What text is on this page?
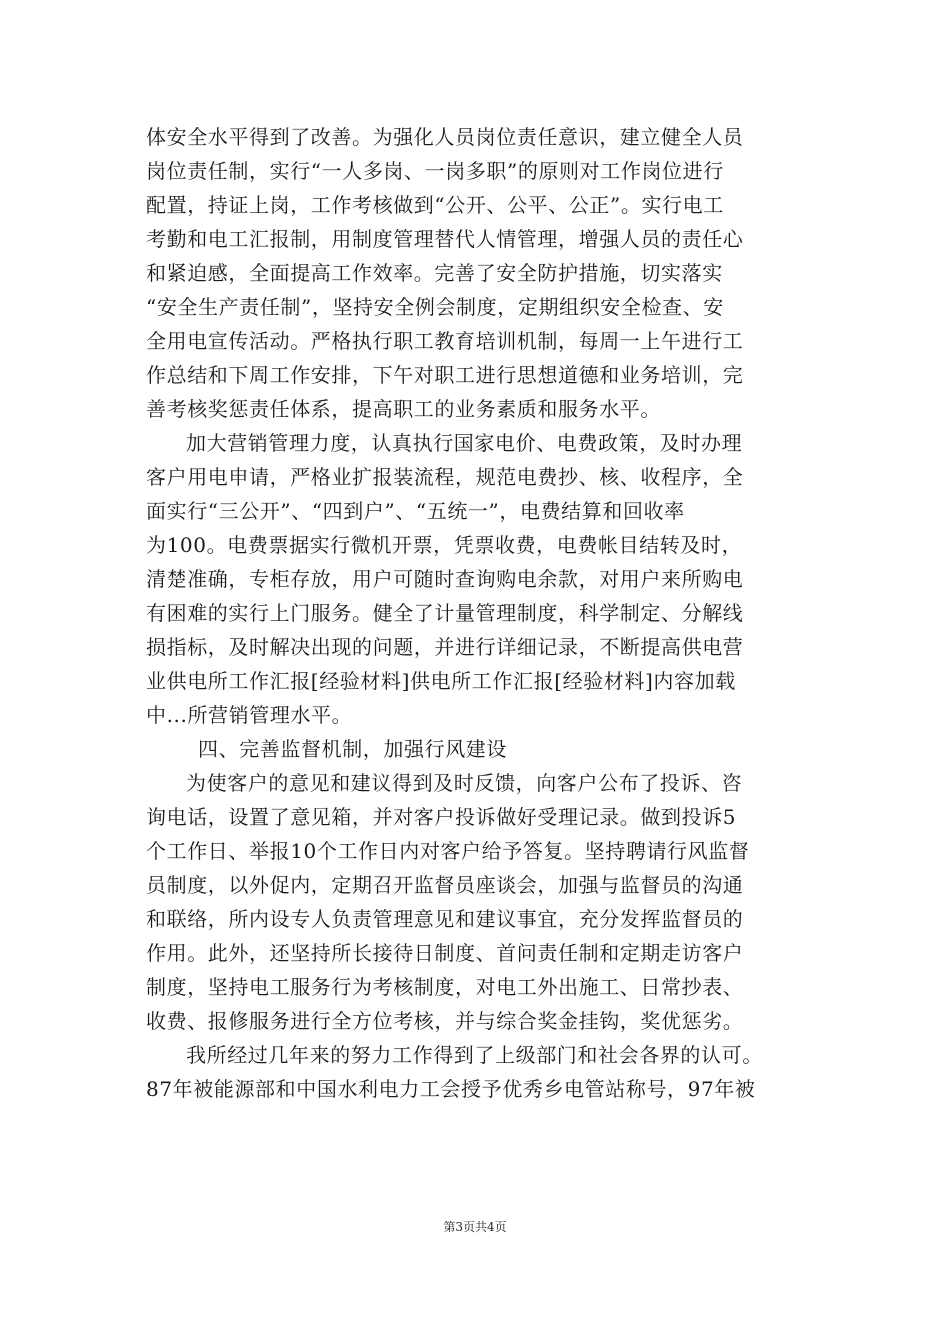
体安全水平得到了改善。为强化人员岗位责任意识，建立健全人员
岗位责任制，实行“一人多岗、一岗多职”的原则对工作岗位进行
配置，持证上岗，工作考核做到“公开、公平、公正”。实行电工
考勤和电工汇报制，用制度管理替代人情管理，增强人员的责任心
和紧迫感，全面提高工作效率。完善了安全防护措施，切实落实
“安全生产责任制”，坚持安全例会制度，定期组织安全检查、安
全用电宣传活动。严格执行职工教育培训机制，每周一上午进行工
作总结和下周工作安排，下午对职工进行思想道德和业务培训，完
善考核奖惩责任体系，提高职工的业务素质和服务水平。
加大营销管理力度，认真执行国家电价、电费政策，及时办理
客户用电申请，严格业扩报装流程，规范电费抄、核、收程序，全
面实行“三公开”、“四到户”、“五统一”，电费结算和回收率
为100。电费票据实行微机开票，凭票收费，电费帐目结转及时，
清楚准确，专柜存放，用户可随时查询购电余款，对用户来所购电
有困难的实行上门服务。健全了计量管理制度，科学制定、分解线
损指标，及时解决出现的问题，并进行详细记录，不断提高供电营
业供电所工作汇报[经验材料]供电所工作汇报[经验材料]内容加载
中...所营销管理水平。
四、完善监督机制，加强行风建设
为使客户的意见和建议得到及时反馈，向客户公布了投诉、咨
询电话，设置了意见箱，并对客户投诉做好受理记录。做到投诉5
个工作日、举报10个工作日内对客户给予答复。坚持聘请行风监督
员制度，以外促内，定期召开监督员座谈会，加强与监督员的沟通
和联络，所内设专人负责管理意见和建议事宜，充分发挥监督员的
作用。此外，还坚持所长接待日制度、首问责任制和定期走访客户
制度，坚持电工服务行为考核制度，对电工外出施工、日常抄表、
收费、报修服务进行全方位考核，并与综合奖金挂钩，奖优惩劣。
我所经过几年来的努力工作得到了上级部门和社会各界的认可。
87年被能源部和中国水利电力工会授予优秀乡电管站称号，97年被
第3页共4页
